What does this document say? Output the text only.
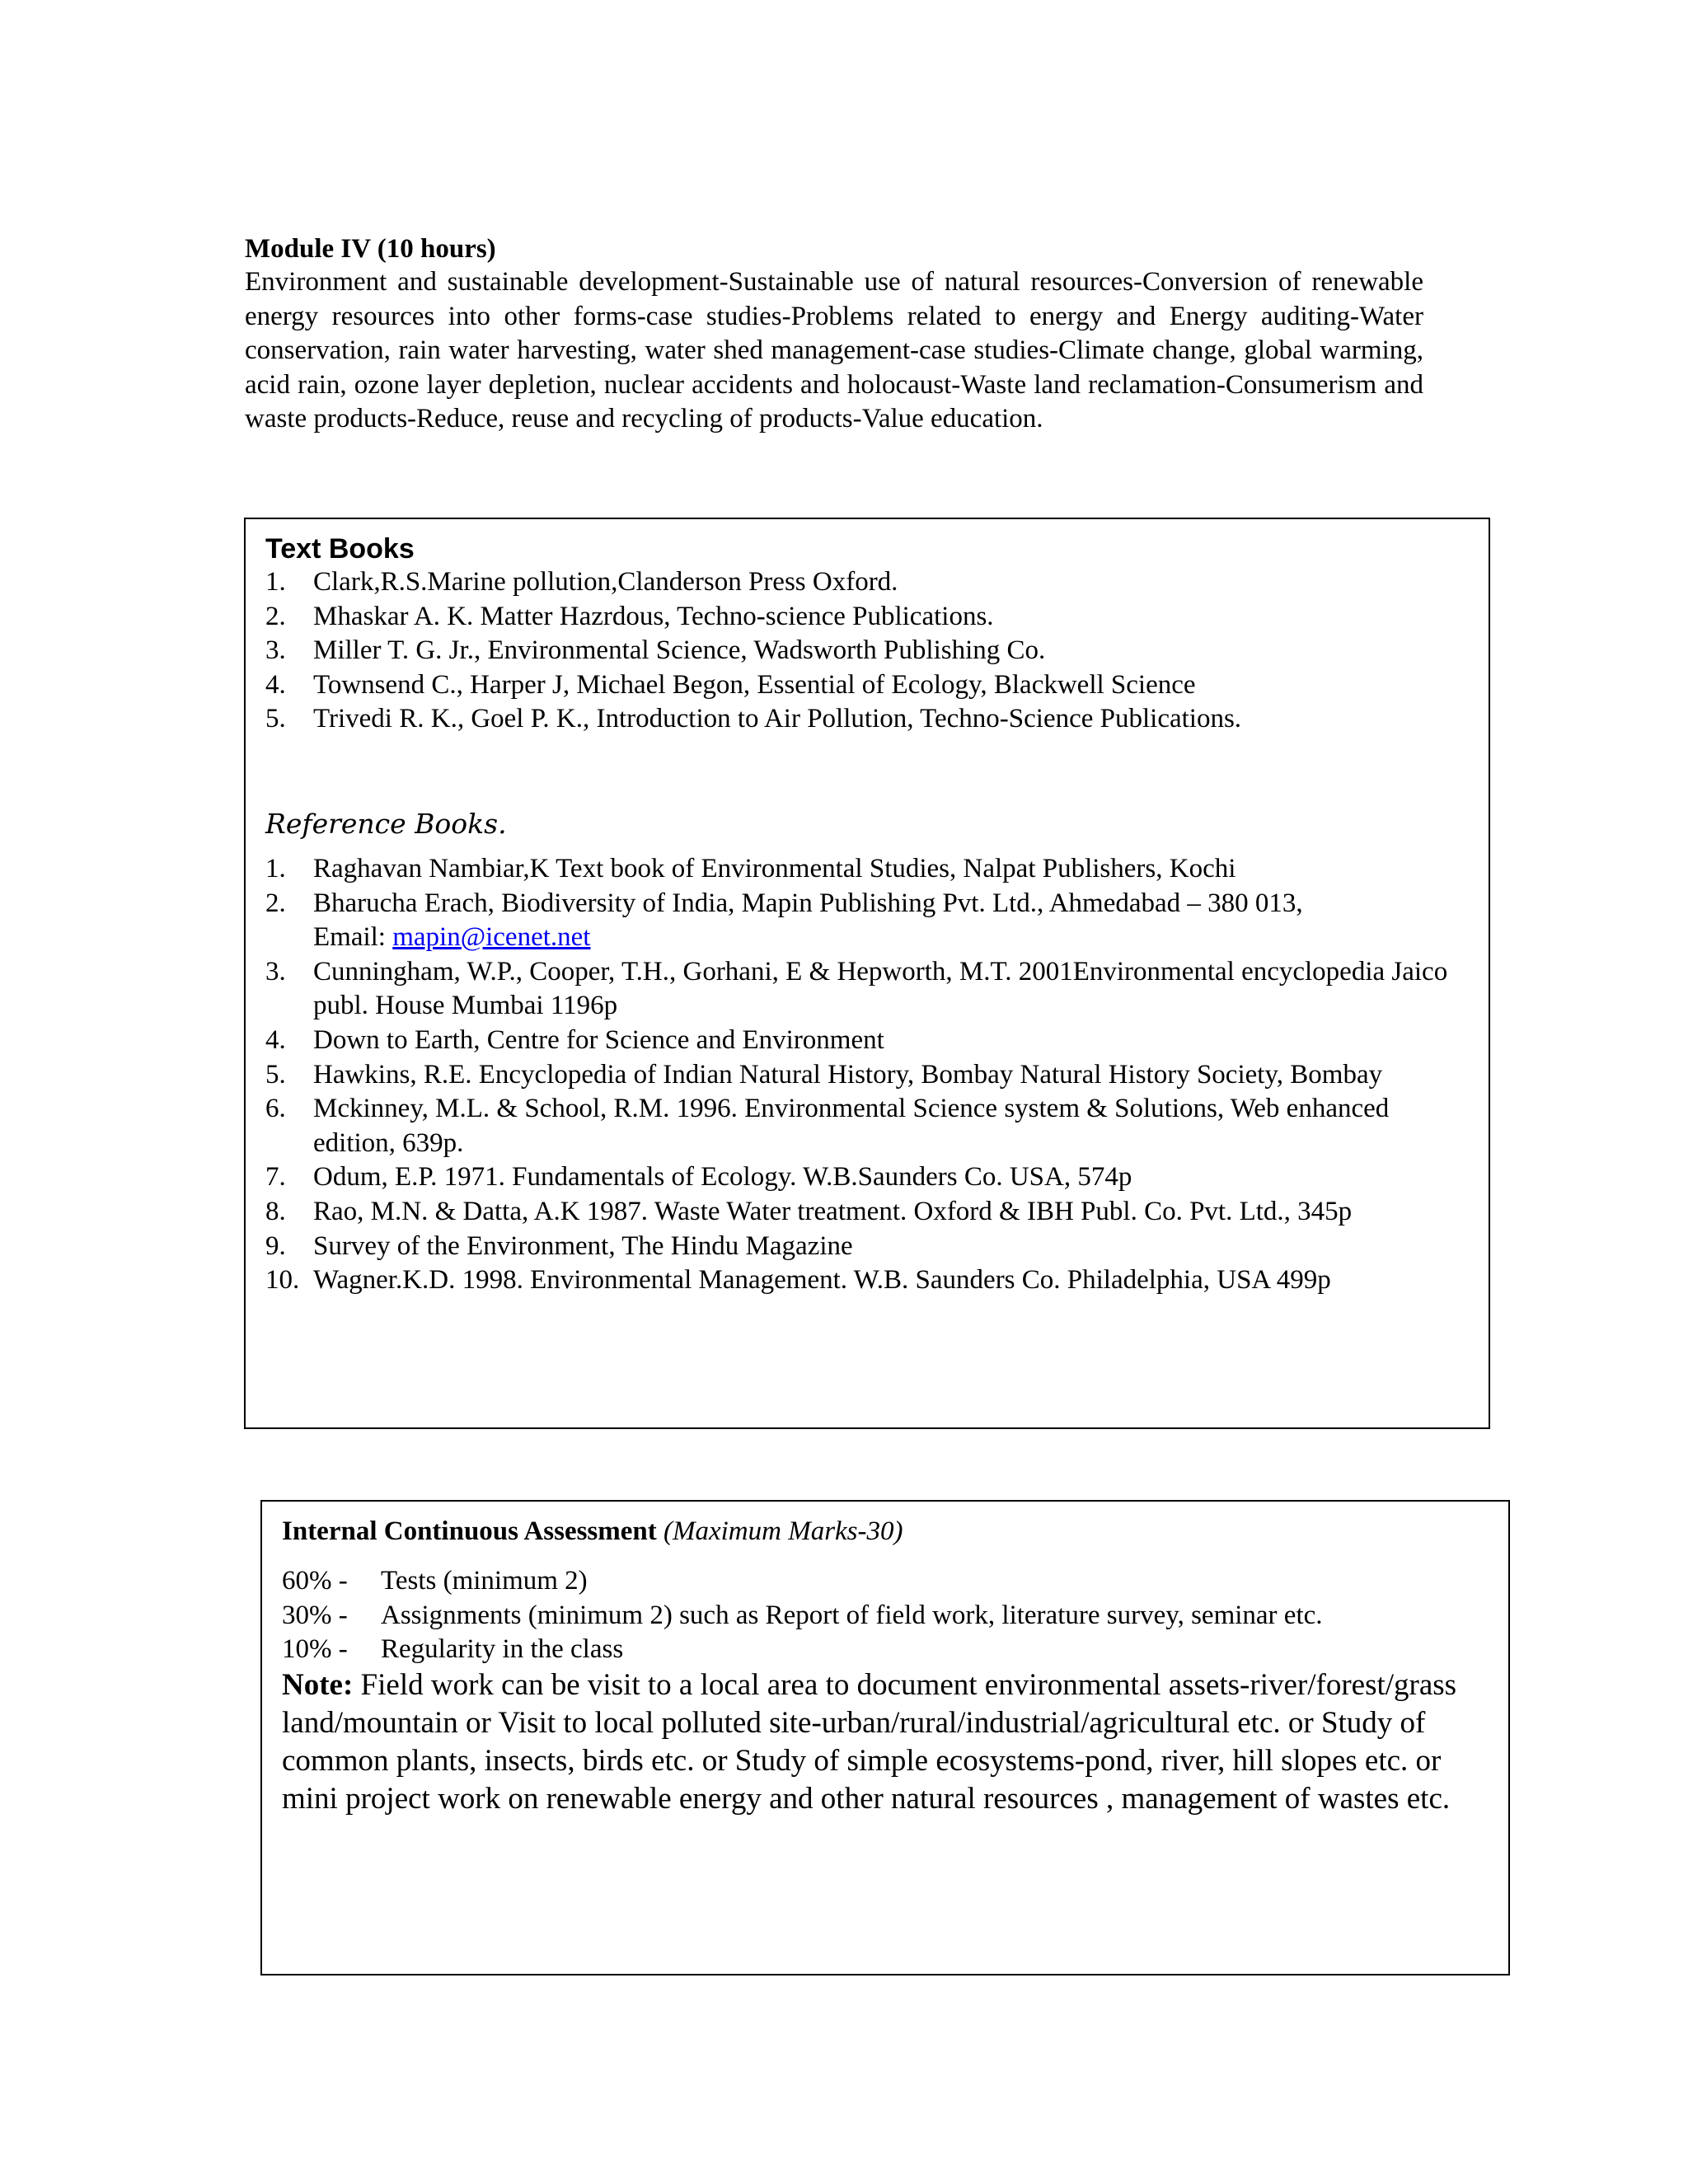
Module IV (10 hours)

Environment and sustainable development-Sustainable use of natural resources-Conversion of renewable energy resources into other forms-case studies-Problems related to energy and Energy auditing-Water conservation, rain water harvesting, water shed management-case studies-Climate change, global warming, acid rain, ozone layer depletion, nuclear accidents and holocaust-Waste land reclamation-Consumerism and waste products-Reduce, reuse and recycling of products-Value education.

Text Books
1. Clark,R.S.Marine pollution,Clanderson Press Oxford.
2. Mhaskar A. K. Matter Hazrdous, Techno-science Publications.
3. Miller T. G. Jr., Environmental Science, Wadsworth Publishing Co.
4. Townsend C., Harper J, Michael Begon, Essential of Ecology, Blackwell Science
5. Trivedi R. K., Goel P. K., Introduction to Air Pollution, Techno-Science Publications.
Reference Books.
1. Raghavan Nambiar,K Text book of Environmental Studies, Nalpat Publishers, Kochi
2. Bharucha Erach, Biodiversity of India, Mapin Publishing Pvt. Ltd., Ahmedabad – 380 013,
Email: mapin@icenet.net
3. Cunningham, W.P., Cooper, T.H., Gorhani, E & Hepworth, M.T. 2001Environmental encyclopedia Jaico publ. House Mumbai 1196p
4. Down to Earth, Centre for Science and Environment
5. Hawkins, R.E. Encyclopedia of Indian Natural History, Bombay Natural History Society, Bombay
6. Mckinney, M.L. & School, R.M. 1996. Environmental Science system & Solutions, Web enhanced edition, 639p.
7. Odum, E.P. 1971. Fundamentals of Ecology. W.B.Saunders Co. USA, 574p
8. Rao, M.N. & Datta, A.K 1987. Waste Water treatment. Oxford & IBH Publ. Co. Pvt. Ltd., 345p
9. Survey of the Environment, The Hindu Magazine
10. Wagner.K.D. 1998. Environmental Management. W.B. Saunders Co. Philadelphia, USA 499p
Internal Continuous Assessment (Maximum Marks-30)
60% -	Tests (minimum 2)
30% -	Assignments (minimum 2) such as Report of field work, literature survey, seminar etc.
10% -	Regularity in the class
Note: Field work can be visit to a local area to document environmental assets-river/forest/grass land/mountain or Visit to local polluted site-urban/rural/industrial/agricultural etc. or Study of common plants, insects, birds etc. or Study of simple ecosystems-pond, river, hill slopes etc. or mini project work on renewable energy and other natural resources , management of wastes etc.
